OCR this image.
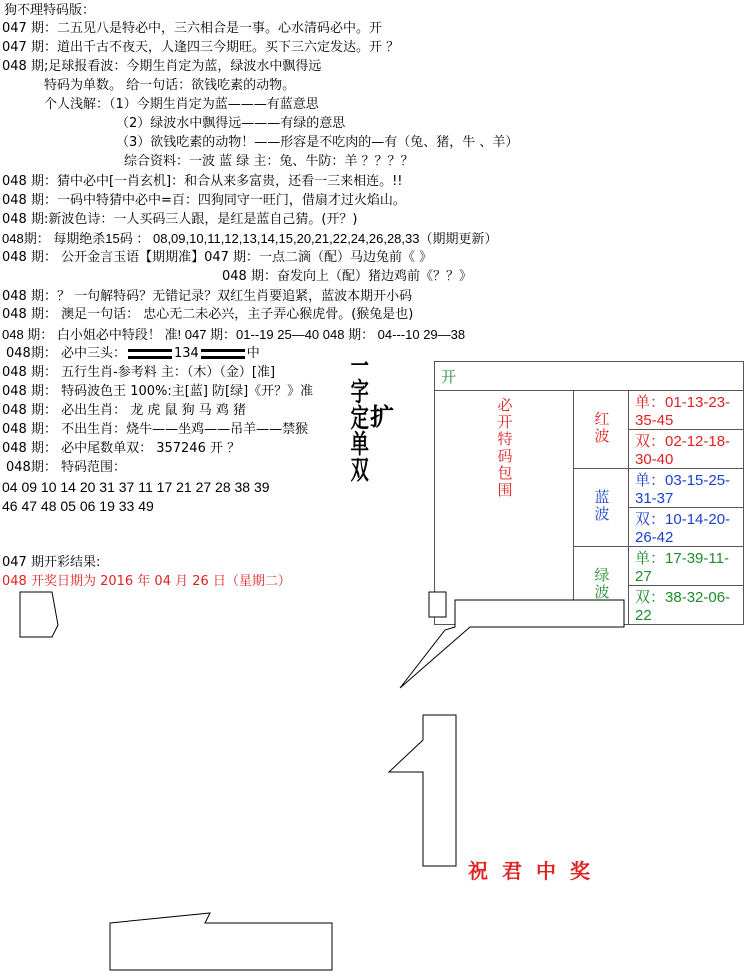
狗不理特码版：
047 期：二五见八是特必中，三六相合是一事。心水清码必中。开
047 期：道出千古不夜天，人逢四三今期旺。买下三六定发达。开 ？
048 期;足球报看波：今期生肖定为蓝，绿波水中飘得远
特码为单数。 给一句话：欲钱吃素的动物。
个人浅解：（1）今期生肖定为蓝———有蓝意思
（2）绿波水中飘得远———有绿的意思
（3）欲钱吃素的动物！——形容是不吃肉的—有（兔、猪，牛 、羊）
综合资料：一波 蓝 绿 主：兔、牛防：羊 ？？？？
048 期：猜中必中[一肖玄机]：和合从来多富贵，还看一三来相连。!!
048 期：一码中特猜中必中=百：四狗同守一旺门，借扇才过火焰山。
048 期:新波色诗：一人买码三人跟，是红是蓝自己猜。(开？)
048期： 每期绝杀15码 ： 08,09,10,11,12,13,14,15,20,21,22,24,26,28,33（期期更新）
048 期： 公开金言玉语【期期准】047 期：一点二滴（配）马边兔前《 》
048 期：奋发向上（配）猪边鸡前《？？》
048 期：？ 一句解特码？无错记录？双红生肖要追紧，蓝波本期开小码
048 期： 澳足一句话： 忠心无二未必兴，主子弄心猴虎骨。(猴兔是也)
048 期： 白小姐必中特段！ 准! 047 期：01--19 25—40 048 期： 04---10 29—38
048期： 必中三头：	134	中
048 期： 五行生肖-参考料 主：（木）（金）[准]
048 期： 特码波色王 100%:主[蓝] 防[绿]《开？》准
048 期： 必出生肖： 龙 虎 鼠 狗 马 鸡 猪
048 期： 不出生肖：烧牛——坐鸡——吊羊——禁猴
048 期： 必中尾数单双： 357246 开 ？
048期： 特码范围：
04 09 10 14 20 31 37 11 17 21 27 28 38 39
46 47 48 05 06 19 33 49
一字定单双 扩
开		
必开特码包围	红波	单：01-13-23-35-45
		双：02-12-18-30-40
	蓝波	单：03-15-25-31-37
		双：10-14-20-26-42
	绿波	单：17-39-11-27
		双：38-32-06-22
047 期开彩结果:
048 开奖日期为 2016 年 04 月 26 日（星期二）
祝君中奖
